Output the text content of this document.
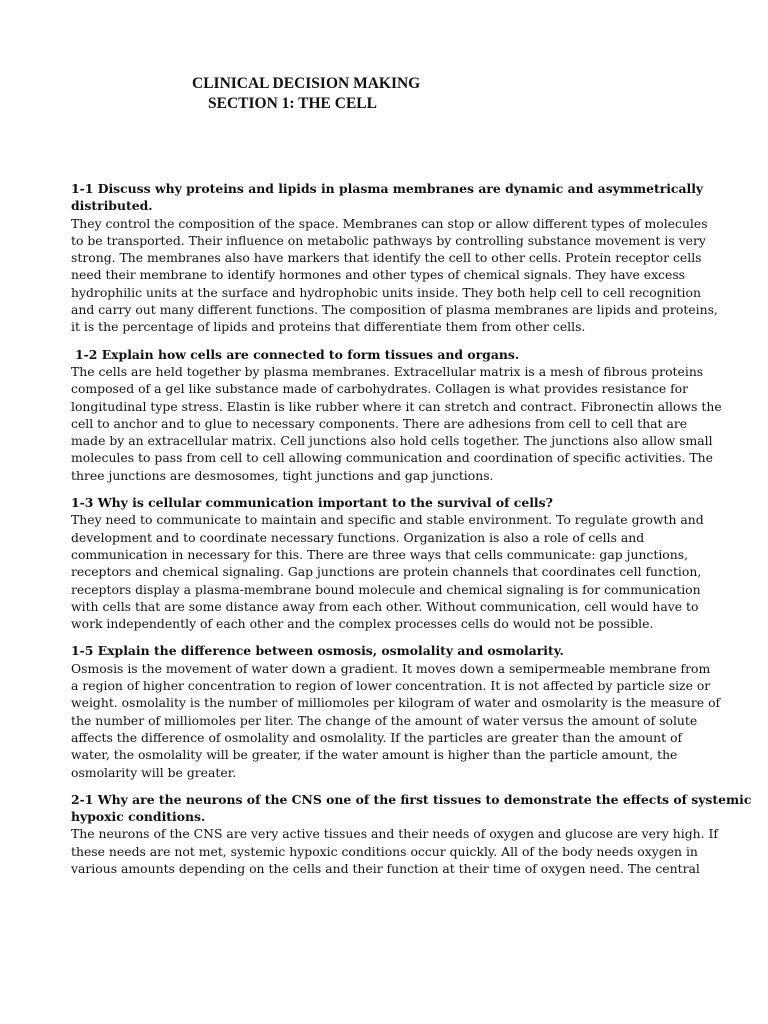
CLINICAL DECISION MAKING
SECTION 1: THE CELL

1-1 Discuss why proteins and lipids in plasma membranes are dynamic and asymmetrically
distributed.

They control the composition of the space. Membranes can stop or allow different types of molecules
to be transported. Their influence on metabolic pathways by controlling substance movement is very
strong. The membranes also have markers that identify the cell to other cells. Protein receptor cells
need their membrane to identify hormones and other types of chemical signals. They have excess
hydrophilic units at the surface and hydrophobic units inside. They both help cell to cell recognition
and carry out many different functions. The composition of plasma membranes are lipids and proteins,
it is the percentage of lipids and proteins that differentiate them from other cells.

1-2 Explain how cells are connected to form tissues and organs.

The cells are held together by plasma membranes. Extracellular matrix is a mesh of fibrous proteins
composed of a gel like substance made of carbohydrates. Collagen is what provides resistance for
longitudinal type stress. Elastin is like rubber where it can stretch and contract. Fibronectin allows the
cell to anchor and to glue to necessary components. There are adhesions from cell to cell that are
made by an extracellular matrix. Cell junctions also hold cells together. The junctions also allow small
molecules to pass from cell to cell allowing communication and coordination of specific activities. The
three junctions are desmosomes, tight junctions and gap junctions.

1-3 Why is cellular communication important to the survival of cells?

They need to communicate to maintain and specific and stable environment. To regulate growth and
development and to coordinate necessary functions. Organization is also a role of cells and
communication in necessary for this. There are three ways that cells communicate: gap junctions,
receptors and chemical signaling. Gap junctions are protein channels that coordinates cell function,
receptors display a plasma-membrane bound molecule and chemical signaling is for communication
with cells that are some distance away from each other. Without communication, cell would have to
work independently of each other and the complex processes cells do would not be possible.

1-5 Explain the difference between osmosis, osmolality and osmolarity.

Osmosis is the movement of water down a gradient. It moves down a semipermeable membrane from
a region of higher concentration to region of lower concentration. It is not affected by particle size or
weight. osmolality is the number of milliomoles per kilogram of water and osmolarity is the measure of
the number of milliomoles per liter. The change of the amount of water versus the amount of solute
affects the difference of osmolality and osmolality. If the particles are greater than the amount of
water, the osmolality will be greater, if the water amount is higher than the particle amount, the
osmolarity will be greater.

2-1 Why are the neurons of the CNS one of the first tissues to demonstrate the effects of systemic
hypoxic conditions.

The neurons of the CNS are very active tissues and their needs of oxygen and glucose are very high. If
these needs are not met, systemic hypoxic conditions occur quickly. All of the body needs oxygen in
various amounts depending on the cells and their function at their time of oxygen need. The central
